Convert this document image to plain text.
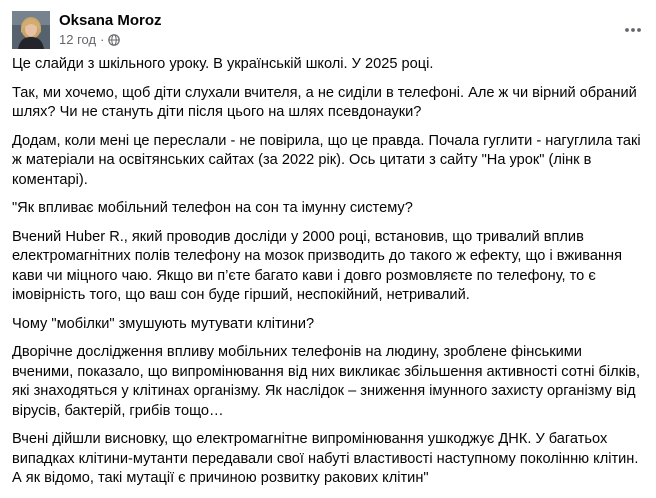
Oksana Moroz
12 год ·

Це слайди з шкільного уроку. В українській школі. У 2025 році.

Так, ми хочемо, щоб діти слухали вчителя, а не сиділи в телефоні. Але ж чи вірний обраний шлях? Чи не стануть діти після цього на шлях псевдонауки?

Додам, коли мені це переслали - не повірила, що це правда. Почала гуглити - нагуглила такі ж матеріали на освітянських сайтах (за 2022 рік). Ось цитати з сайту "На урок" (лінк в коментарі).

"Як впливає мобільний телефон на сон та імунну систему?

Вчений Huber R., який проводив досліди у 2000 році, встановив, що тривалий вплив електромагнітних полів телефону на мозок призводить до такого ж ефекту, що і вживання кави чи міцного чаю. Якщо ви п’єте багато кави і довго розмовляєте по телефону, то є імовірність того, що ваш сон буде гірший, неспокійний, нетривалий.

Чому "мобілки" змушують мутувати клітини?

Дворічне дослідження впливу мобільних телефонів на людину, зроблене фінськими вченими, показало, що випромінювання від них викликає збільшення активності сотні білків, які знаходяться у клітинах організму. Як наслідок – зниження імунного захисту організму від вірусів, бактерій, грибів тощо…

Вчені дійшли висновку, що електромагнітне випромінювання ушкоджує ДНК. У багатьох випадках клітини-мутанти передавали свої набуті властивості наступному поколінню клітин. А як відомо, такі мутації є причиною розвитку ракових клітин"
